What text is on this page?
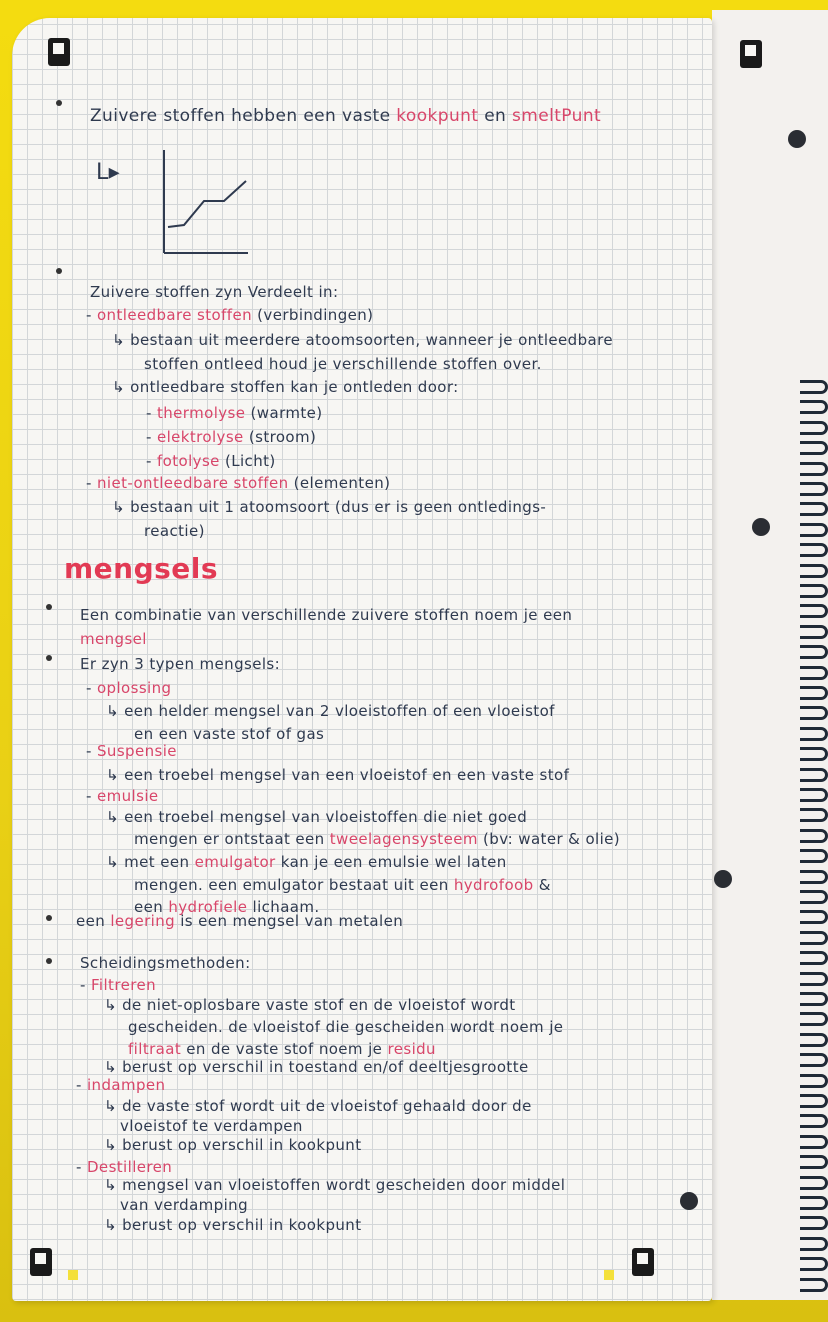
Zuivere stoffen hebben een vaste kookpunt en smeltPunt
L▸
Zuivere stoffen zyn Verdeelt in:
- ontleedbare stoffen (verbindingen)
↳ bestaan uit meerdere atoomsoorten, wanneer je ontleedbare
stoffen ontleed houd je verschillende stoffen over.
↳ ontleedbare stoffen kan je ontleden door:
- thermolyse (warmte)
- elektrolyse (stroom)
- fotolyse (Licht)
- niet-ontleedbare stoffen (elementen)
↳ bestaan uit 1 atoomsoort (dus er is geen ontledings-
reactie)
mengsels
Een combinatie van verschillende zuivere stoffen noem je een
mengsel
Er zyn 3 typen mengsels:
- oplossing
↳ een helder mengsel van 2 vloeistoffen of een vloeistof
en een vaste stof of gas
- Suspensie
↳ een troebel mengsel van een vloeistof en een vaste stof
- emulsie
↳ een troebel mengsel van vloeistoffen die niet goed
mengen er ontstaat een tweelagensysteem (bv: water & olie)
↳ met een emulgator kan je een emulsie wel laten
mengen. een emulgator bestaat uit een hydrofoob &
een hydrofiele lichaam.
een legering is een mengsel van metalen
Scheidingsmethoden:
- Filtreren
↳ de niet-oplosbare vaste stof en de vloeistof wordt
gescheiden. de vloeistof die gescheiden wordt noem je
filtraat en de vaste stof noem je residu
↳ berust op verschil in toestand en/of deeltjesgrootte
- indampen
↳ de vaste stof wordt uit de vloeistof gehaald door de
vloeistof te verdampen
↳ berust op verschil in kookpunt
- Destilleren
↳ mengsel van vloeistoffen wordt gescheiden door middel
van verdamping
↳ berust op verschil in kookpunt
